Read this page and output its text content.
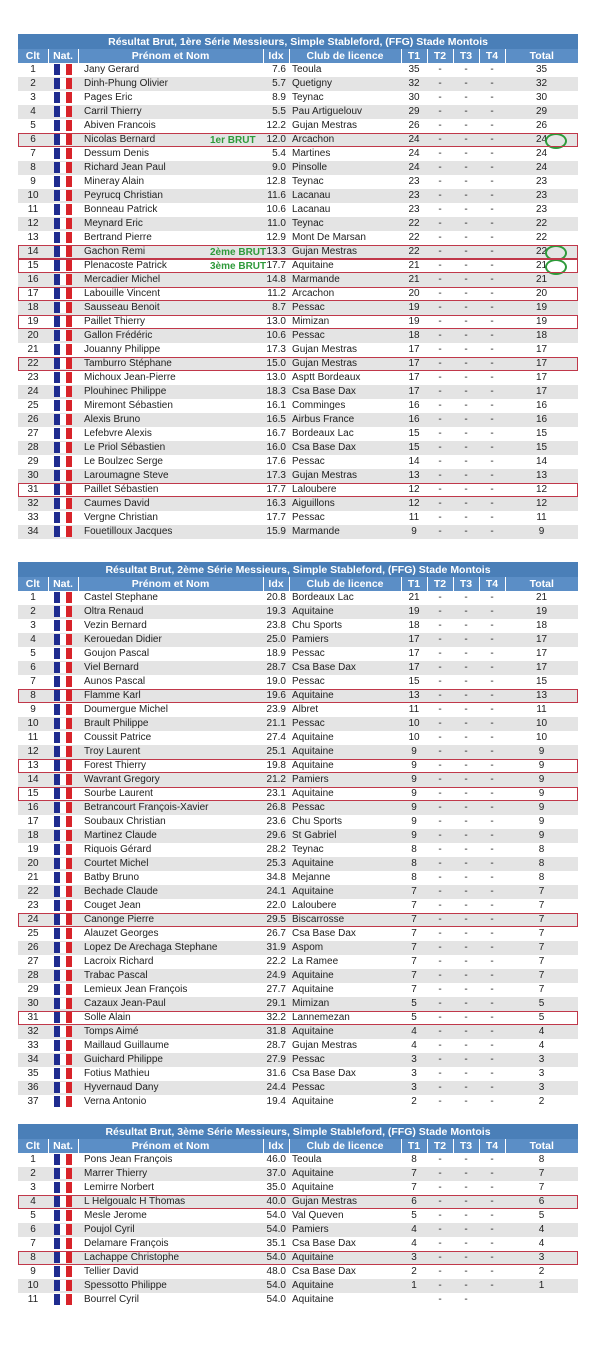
Résultat Brut, 1ère Série Messieurs, Simple Stableford, (FFG) Stade Montois									
Clt	Nat.	Prénom et Nom	Idx	Club de licence	T1	T2	T3	T4	Total
1		Jany Gerard	7.6	Teoula	35	-	-	-	35
2		Dinh-Phung Olivier	5.7	Quetigny	32	-	-	-	32
3		Pages Eric	8.9	Teynac	30	-	-	-	30
4		Carril Thierry	5.5	Pau Artiguelouv	29	-	-	-	29
5		Abiven Francois	12.2	Gujan Mestras	26	-	-	-	26
6		Nicolas Bernard	12.0	Arcachon	24	-	-	-	24
7		Dessum Denis	5.4	Martines	24	-	-	-	24
8		Richard Jean Paul	9.0	Pinsolle	24	-	-	-	24
9		Mineray Alain	12.8	Teynac	23	-	-	-	23
10		Peyrucq Christian	11.6	Lacanau	23	-	-	-	23
11		Bonneau Patrick	10.6	Lacanau	23	-	-	-	23
12		Meynard Eric	11.0	Teynac	22	-	-	-	22
13		Bertrand Pierre	12.9	Mont De Marsan	22	-	-	-	22
14		Gachon Remi	13.3	Gujan Mestras	22	-	-	-	22
15		Plenacoste Patrick	17.7	Aquitaine	21	-	-	-	21
16		Mercadier Michel	14.8	Marmande	21	-	-	-	21
17		Labouille Vincent	11.2	Arcachon	20	-	-	-	20
18		Sausseau Benoit	8.7	Pessac	19	-	-	-	19
19		Paillet Thierry	13.0	Mimizan	19	-	-	-	19
20		Gallon Frédéric	10.6	Pessac	18	-	-	-	18
21		Jouanny Philippe	17.3	Gujan Mestras	17	-	-	-	17
22		Tamburro Stéphane	15.0	Gujan Mestras	17	-	-	-	17
23		Michoux Jean-Pierre	13.0	Asptt Bordeaux	17	-	-	-	17
24		Plouhinec Philippe	18.3	Csa Base Dax	17	-	-	-	17
25		Miremont Sébastien	16.1	Comminges	16	-	-	-	16
26		Alexis Bruno	16.5	Airbus France	16	-	-	-	16
27		Lefebvre Alexis	16.7	Bordeaux Lac	15	-	-	-	15
28		Le Priol Sébastien	16.0	Csa Base Dax	15	-	-	-	15
29		Le Boulzec Serge	17.6	Pessac	14	-	-	-	14
30		Laroumagne Steve	17.3	Gujan Mestras	13	-	-	-	13
31		Paillet Sébastien	17.7	Laloubere	12	-	-	-	12
32		Caumes David	16.3	Aiguillons	12	-	-	-	12
33		Vergne Christian	17.7	Pessac	11	-	-	-	11
34		Fouetilloux Jacques	15.9	Marmande	9	-	-	-	9
Résultat Brut, 2ème Série Messieurs, Simple Stableford, (FFG) Stade Montois									
Clt	Nat.	Prénom et Nom	Idx	Club de licence	T1	T2	T3	T4	Total
1		Castel Stephane	20.8	Bordeaux Lac	21	-	-	-	21
2		Oltra Renaud	19.3	Aquitaine	19	-	-	-	19
3		Vezin Bernard	23.8	Chu Sports	18	-	-	-	18
4		Kerouedan Didier	25.0	Pamiers	17	-	-	-	17
5		Goujon Pascal	18.9	Pessac	17	-	-	-	17
6		Viel Bernard	28.7	Csa Base Dax	17	-	-	-	17
7		Aunos Pascal	19.0	Pessac	15	-	-	-	15
8		Flamme Karl	19.6	Aquitaine	13	-	-	-	13
9		Doumergue Michel	23.9	Albret	11	-	-	-	11
10		Brault Philippe	21.1	Pessac	10	-	-	-	10
11		Coussit Patrice	27.4	Aquitaine	10	-	-	-	10
12		Troy Laurent	25.1	Aquitaine	9	-	-	-	9
13		Forest Thierry	19.8	Aquitaine	9	-	-	-	9
14		Wavrant Gregory	21.2	Pamiers	9	-	-	-	9
15		Sourbe Laurent	23.1	Aquitaine	9	-	-	-	9
16		Betrancourt François-Xavier	26.8	Pessac	9	-	-	-	9
17		Soubaux Christian	23.6	Chu Sports	9	-	-	-	9
18		Martinez Claude	29.6	St Gabriel	9	-	-	-	9
19		Riquois Gérard	28.2	Teynac	8	-	-	-	8
20		Courtet Michel	25.3	Aquitaine	8	-	-	-	8
21		Batby Bruno	34.8	Mejanne	8	-	-	-	8
22		Bechade Claude	24.1	Aquitaine	7	-	-	-	7
23		Couget Jean	22.0	Laloubere	7	-	-	-	7
24		Canonge Pierre	29.5	Biscarrosse	7	-	-	-	7
25		Alauzet Georges	26.7	Csa Base Dax	7	-	-	-	7
26		Lopez De Arechaga Stephane	31.9	Aspom	7	-	-	-	7
27		Lacroix Richard	22.2	La Ramee	7	-	-	-	7
28		Trabac Pascal	24.9	Aquitaine	7	-	-	-	7
29		Lemieux Jean François	27.7	Aquitaine	7	-	-	-	7
30		Cazaux Jean-Paul	29.1	Mimizan	5	-	-	-	5
31		Solle Alain	32.2	Lannemezan	5	-	-	-	5
32		Tomps Aimé	31.8	Aquitaine	4	-	-	-	4
33		Maillaud Guillaume	28.7	Gujan Mestras	4	-	-	-	4
34		Guichard Philippe	27.9	Pessac	3	-	-	-	3
35		Fotius Mathieu	31.6	Csa Base Dax	3	-	-	-	3
36		Hyvernaud Dany	24.4	Pessac	3	-	-	-	3
37		Verna Antonio	19.4	Aquitaine	2	-	-	-	2
Résultat Brut, 3ème Série Messieurs, Simple Stableford, (FFG) Stade Montois									
Clt	Nat.	Prénom et Nom	Idx	Club de licence	T1	T2	T3	T4	Total
1		Pons Jean François	46.0	Teoula	8	-	-	-	8
2		Marrer Thierry	37.0	Aquitaine	7	-	-	-	7
3		Lemirre Norbert	35.0	Aquitaine	7	-	-	-	7
4		L Helgoualc H Thomas	40.0	Gujan Mestras	6	-	-	-	6
5		Mesle Jerome	54.0	Val Queven	5	-	-	-	5
6		Poujol Cyril	54.0	Pamiers	4	-	-	-	4
7		Delamare François	35.1	Csa Base Dax	4	-	-	-	4
8		Lachappe Christophe	54.0	Aquitaine	3	-	-	-	3
9		Tellier David	48.0	Csa Base Dax	2	-	-	-	2
10		Spessotto Philippe	54.0	Aquitaine	1	-	-	-	1
11		Bourrel Cyril	54.0	Aquitaine		-	-		
1er BRUT
2ème BRUT
3ème BRUT
